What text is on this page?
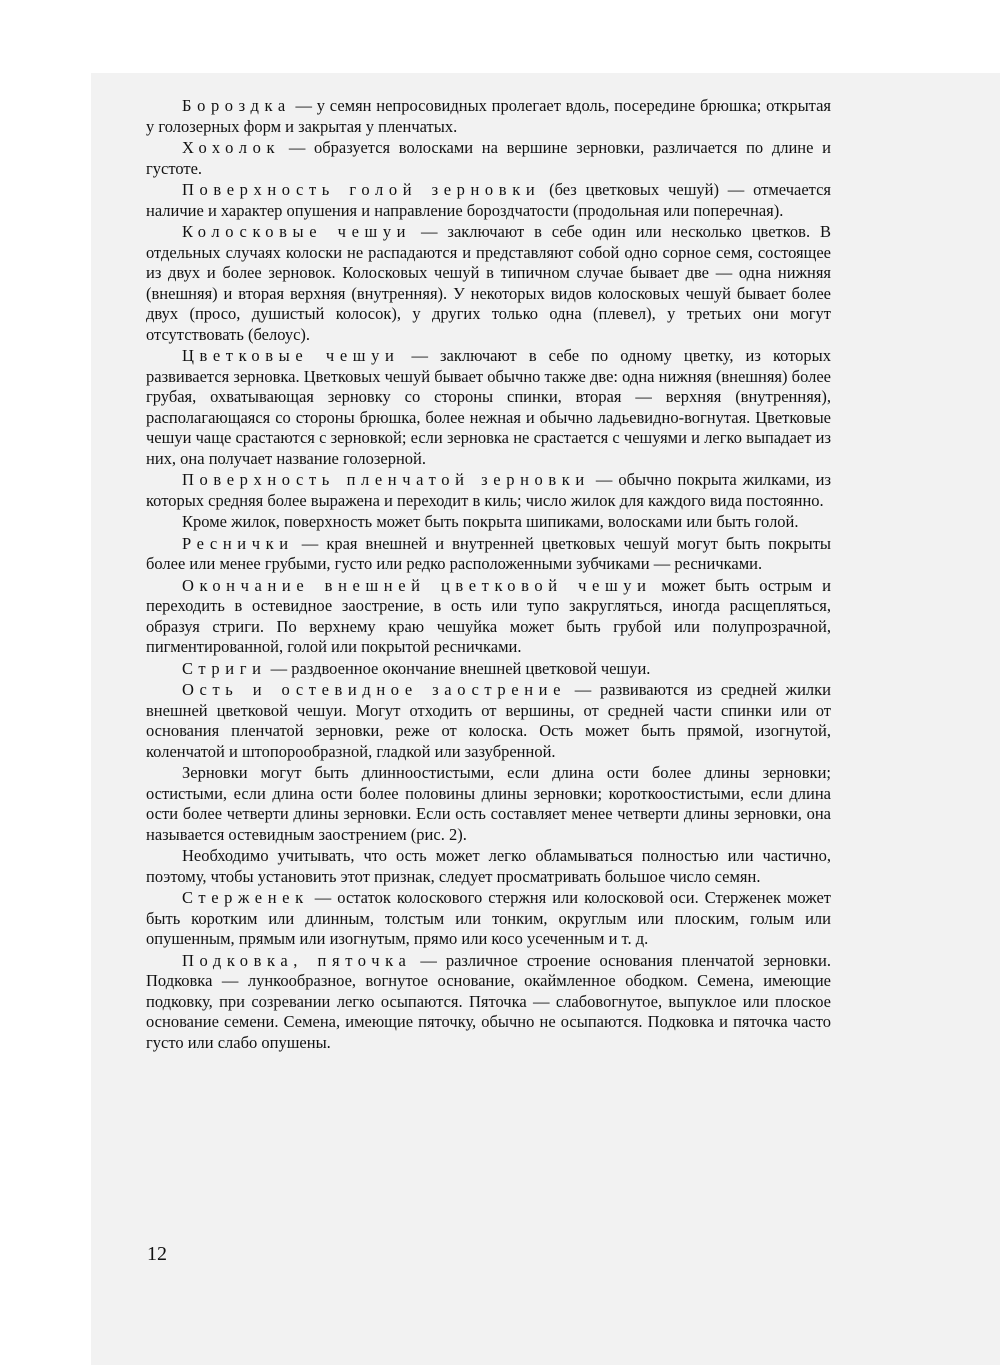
Бороздка — у семян непросовидных пролегает вдоль, посередине брюшка; открытая у голозерных форм и закрытая у пленчатых.

Хохолок — образуется волосками на вершине зерновки, различается по длине и густоте.

Поверхность голой зерновки (без цветковых чешуй) — отмечается наличие и характер опушения и направление бороздчатости (продольная или поперечная).

Колосковые чешуи — заключают в себе один или несколько цветков. В отдельных случаях колоски не распадаются и представляют собой одно сорное семя, состоящее из двух и более зерновок. Колосковых чешуй в типичном случае бывает две — одна нижняя (внешняя) и вторая верхняя (внутренняя). У некоторых видов колосковых чешуй бывает более двух (просо, душистый колосок), у других только одна (плевел), у третьих они могут отсутствовать (белоус).

Цветковые чешуи — заключают в себе по одному цветку, из которых развивается зерновка. Цветковых чешуй бывает обычно также две: одна нижняя (внешняя) более грубая, охватывающая зерновку со стороны спинки, вторая — верхняя (внутренняя), располагающаяся со стороны брюшка, более нежная и обычно ладьевидно-вогнутая. Цветковые чешуи чаще срастаются с зерновкой; если зерновка не срастается с чешуями и легко выпадает из них, она получает название голозерной.

Поверхность пленчатой зерновки — обычно покрыта жилками, из которых средняя более выражена и переходит в киль; число жилок для каждого вида постоянно.

Кроме жилок, поверхность может быть покрыта шипиками, волосками или быть голой.

Реснички — края внешней и внутренней цветковых чешуй могут быть покрыты более или менее грубыми, густо или редко расположенными зубчиками — ресничками.

Окончание внешней цветковой чешуи может быть острым и переходить в остевидное заострение, в ость или тупо закругляться, иногда расщепляться, образуя стриги. По верхнему краю чешуйка может быть грубой или полупрозрачной, пигментированной, голой или покрытой ресничками.

Стриги — раздвоенное окончание внешней цветковой чешуи.

Ость и остевидное заострение — развиваются из средней жилки внешней цветковой чешуи. Могут отходить от вершины, от средней части спинки или от основания пленчатой зерновки, реже от колоска. Ость может быть прямой, изогнутой, коленчатой и штопорообразной, гладкой или зазубренной.

Зерновки могут быть длинноостистыми, если длина ости более длины зерновки; остистыми, если длина ости более половины длины зерновки; короткоостистыми, если длина ости более четверти длины зерновки. Если ость составляет менее четверти длины зерновки, она называется остевидным заострением (рис. 2).

Необходимо учитывать, что ость может легко обламываться полностью или частично, поэтому, чтобы установить этот признак, следует просматривать большое число семян.

Стерженек — остаток колоскового стержня или колосковой оси. Стерженек может быть коротким или длинным, толстым или тонким, округлым или плоским, голым или опушенным, прямым или изогнутым, прямо или косо усеченным и т. д.

Подковка, пяточка — различное строение основания пленчатой зерновки. Подковка — лункообразное, вогнутое основание, окаймленное ободком. Семена, имеющие подковку, при созревании легко осыпаются. Пяточка — слабовогнутое, выпуклое или плоское основание семени. Семена, имеющие пяточку, обычно не осыпаются. Подковка и пяточка часто густо или слабо опушены.

12
